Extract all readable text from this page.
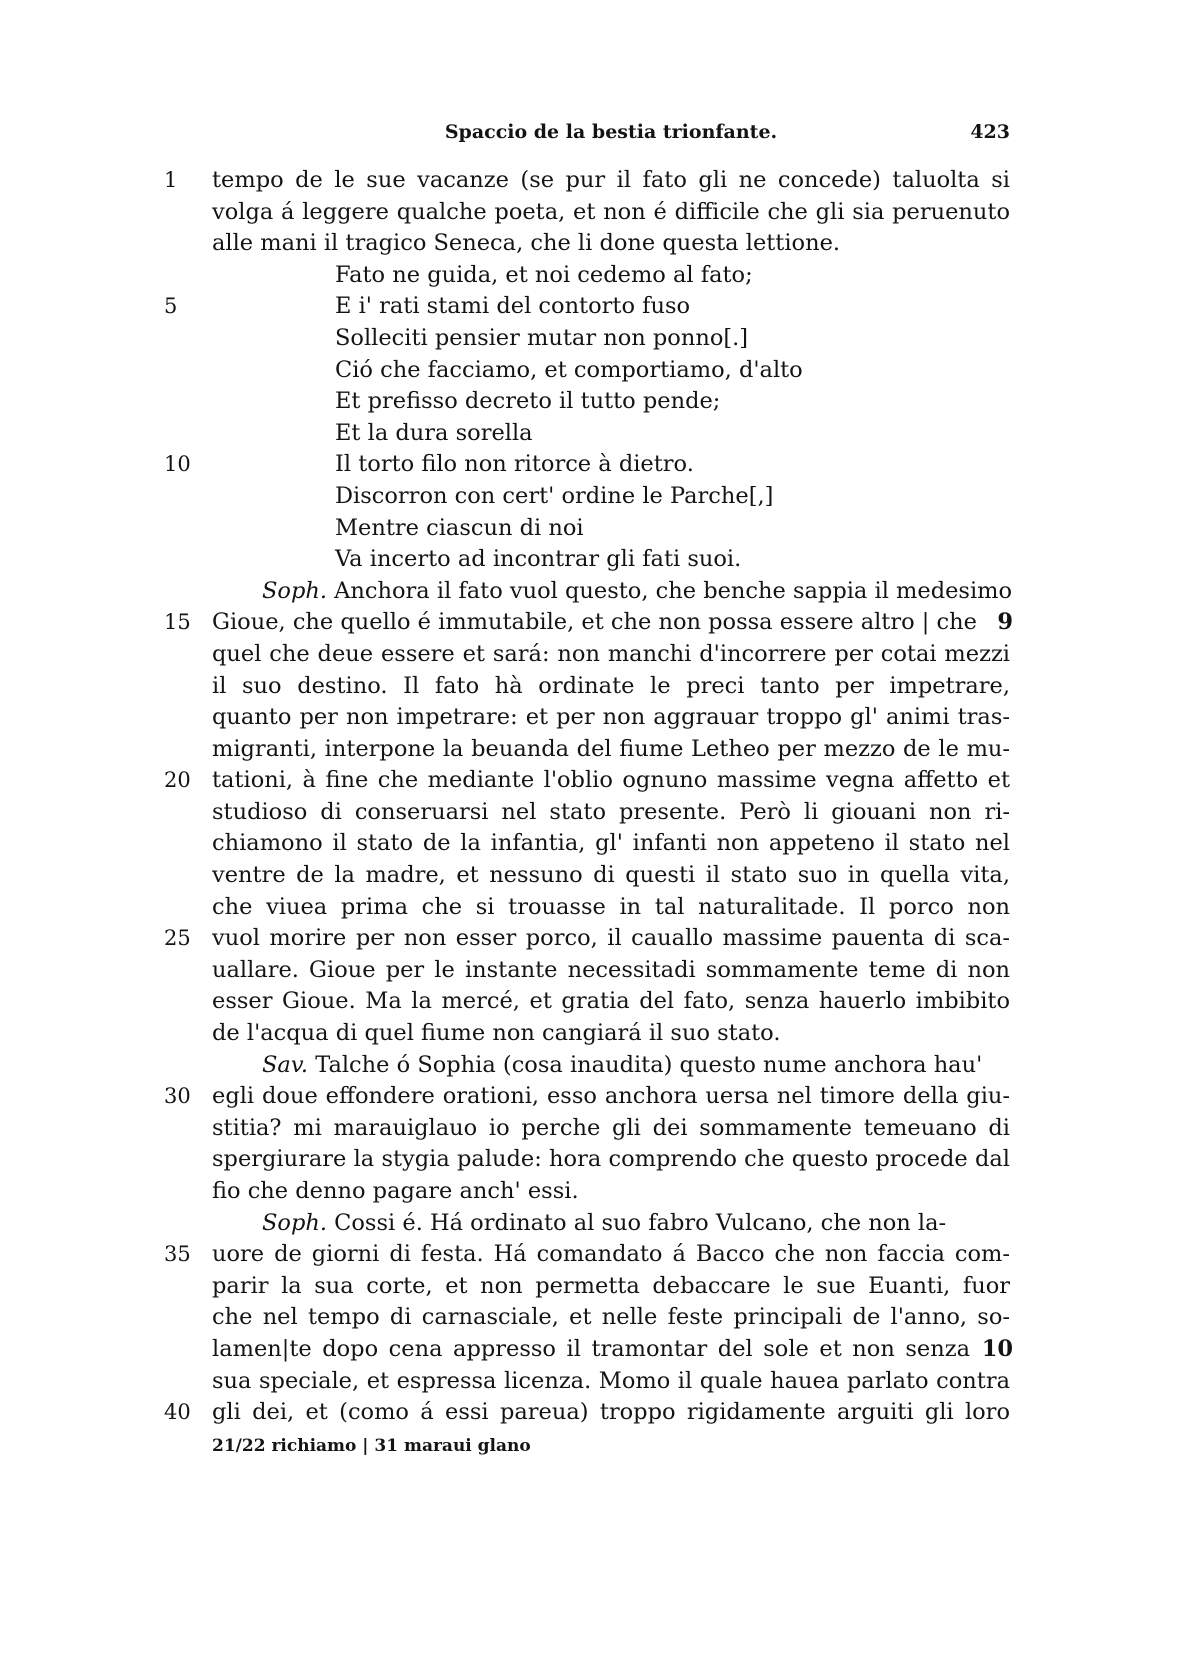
Spaccio de la bestia trionfante.	423
1	tempo de le sue vacanze (se pur il fato gli ne concede) taluolta si
volga á leggere qualche poeta, et non é difficile che gli sia peruenuto
alle mani il tragico Seneca, che li done questa lettione.
Fato ne guida, et noi cedemo al fato;
5	E i' rati stami del contorto fuso
Solleciti pensier mutar non ponno[.]
Ció che facciamo, et comportiamo, d'alto
Et prefisso decreto il tutto pende;
Et la dura sorella
10	Il torto filo non ritorce à dietro.
Discorron con cert' ordine le Parche[,]
Mentre ciascun di noi
Va incerto ad incontrar gli fati suoi.
Soph. Anchora il fato vuol questo, che benche sappia il medesimo
15 Gioue, che quello é immutabile, et che non possa essere altro | che 9
quel che deue essere et sará: non manchi d'incorrere per cotai mezzi
il suo destino. Il fato hà ordinate le preci tanto per impetrare,
quanto per non impetrare: et per non aggrauar troppo gl' animi tras-
migranti, interpone la beuanda del fiume Letheo per mezzo de le mu-
20 tationi, à fine che mediante l'oblio ognuno massime vegna affetto et
studioso di conseruarsi nel stato presente. Però li giouani non ri-
chiamono il stato de la infantia, gl' infanti non appeteno il stato nel
ventre de la madre, et nessuno di questi il stato suo in quella vita,
che viuea prima che si trouasse in tal naturalitade. Il porco non
25 vuol morire per non esser porco, il cauallo massime pauenta di sca-
uallare. Gioue per le instante necessitadi sommamente teme di non
esser Gioue. Ma la mercé, et gratia del fato, senza hauerlo imbibito
de l'acqua di quel fiume non cangiará il suo stato.
Sav. Talche ó Sophia (cosa inaudita) questo nume anchora hau'
30 egli doue effondere orationi, esso anchora uersa nel timore della giu-
stitia? mi marauiglauo io perche gli dei sommamente temeuano di
spergiurare la stygia palude: hora comprendo che questo procede dal
fio che denno pagare anch' essi.
Soph. Cossi é. Há ordinato al suo fabro Vulcano, che non la-
35 uore de giorni di festa. Há comandato á Bacco che non faccia com-
parir la sua corte, et non permetta debaccare le sue Euanti, fuor
che nel tempo di carnasciale, et nelle feste principali de l'anno, so-
lamen|te dopo cena appresso il tramontar del sole et non senza 10
sua speciale, et espressa licenza. Momo il quale hauea parlato contra
40 gli dei, et (como á essi pareua) troppo rigidamente arguiti gli loro
21/22 richiamo | 31 maraui glano
